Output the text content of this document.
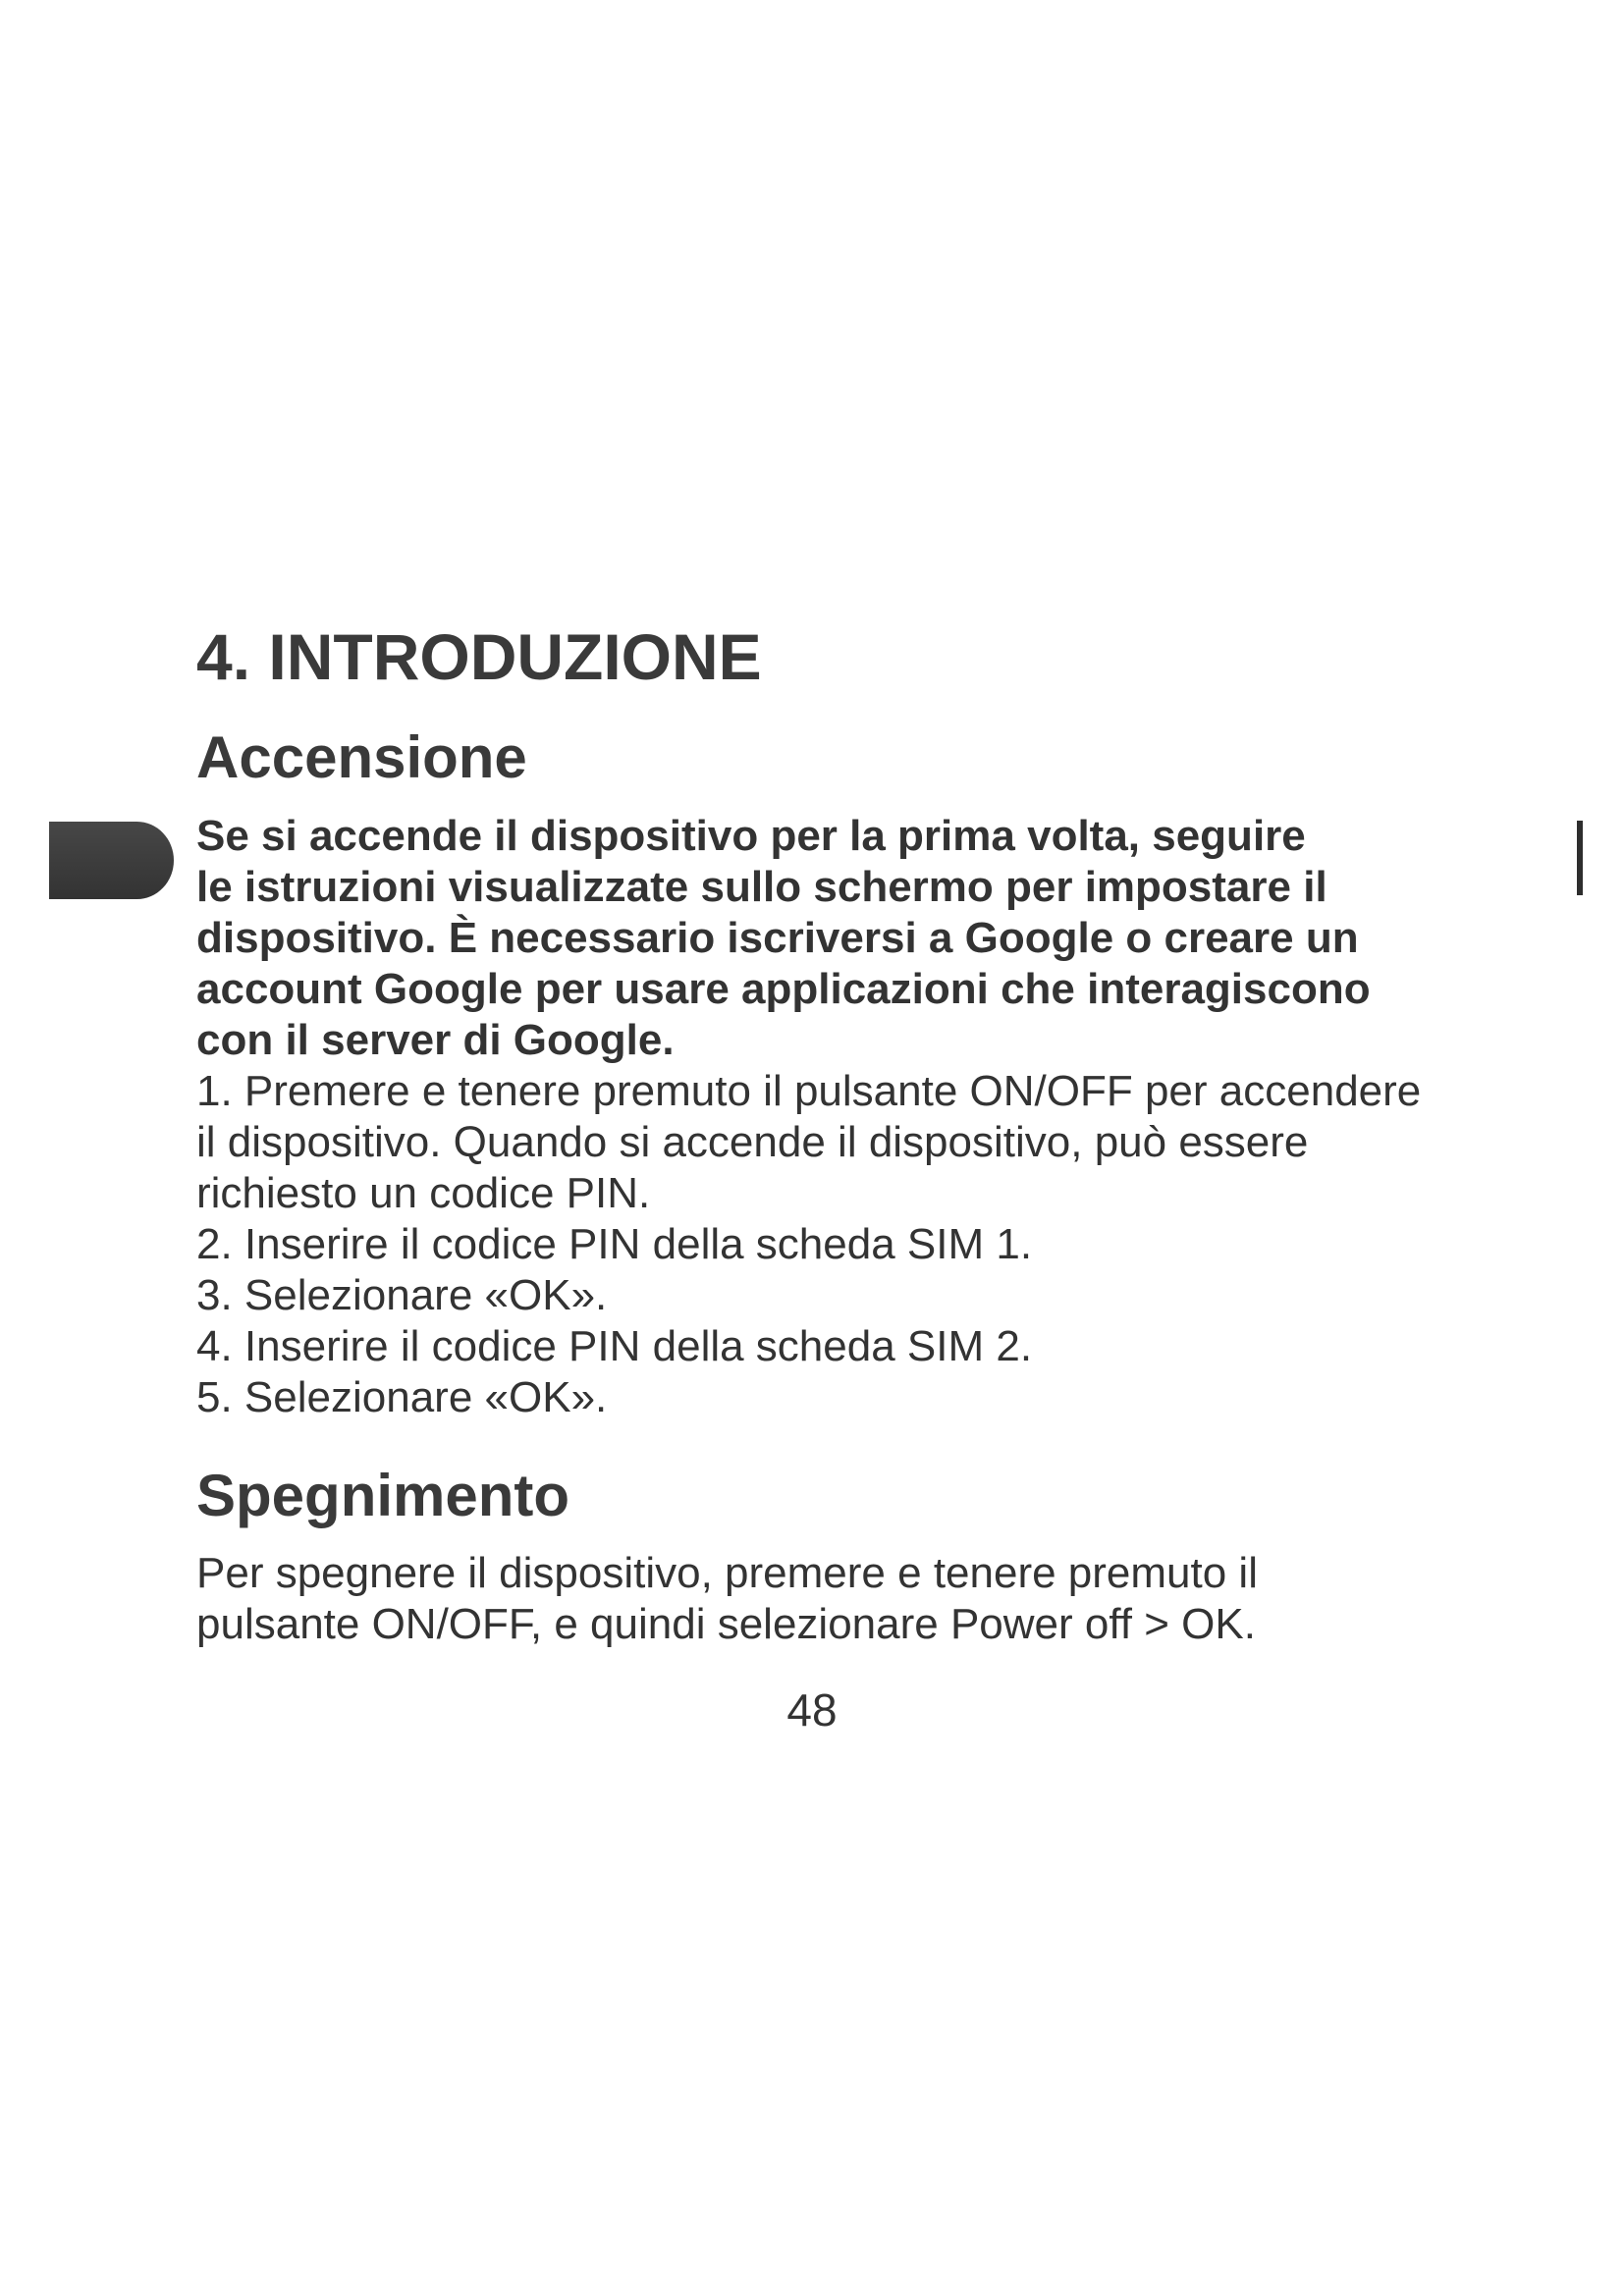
IT

4. INTRODUZIONE
Accensione
Se si accende il dispositivo per la prima volta, seguire
le istruzioni visualizzate sullo schermo per impostare il
dispositivo. È necessario iscriversi a Google o creare un
account Google per usare applicazioni che interagiscono
con il server di Google.
1. Premere e tenere premuto il pulsante ON/OFF per accendere
il dispositivo. Quando si accende il dispositivo, può essere
richiesto un codice PIN.
2. Inserire il codice PIN della scheda SIM 1.
3. Selezionare «OK».
4. Inserire il codice PIN della scheda SIM 2.
5. Selezionare «OK».
Spegnimento
Per spegnere il dispositivo, premere e tenere premuto il
pulsante ON/OFF, e quindi selezionare Power off > OK.
48
